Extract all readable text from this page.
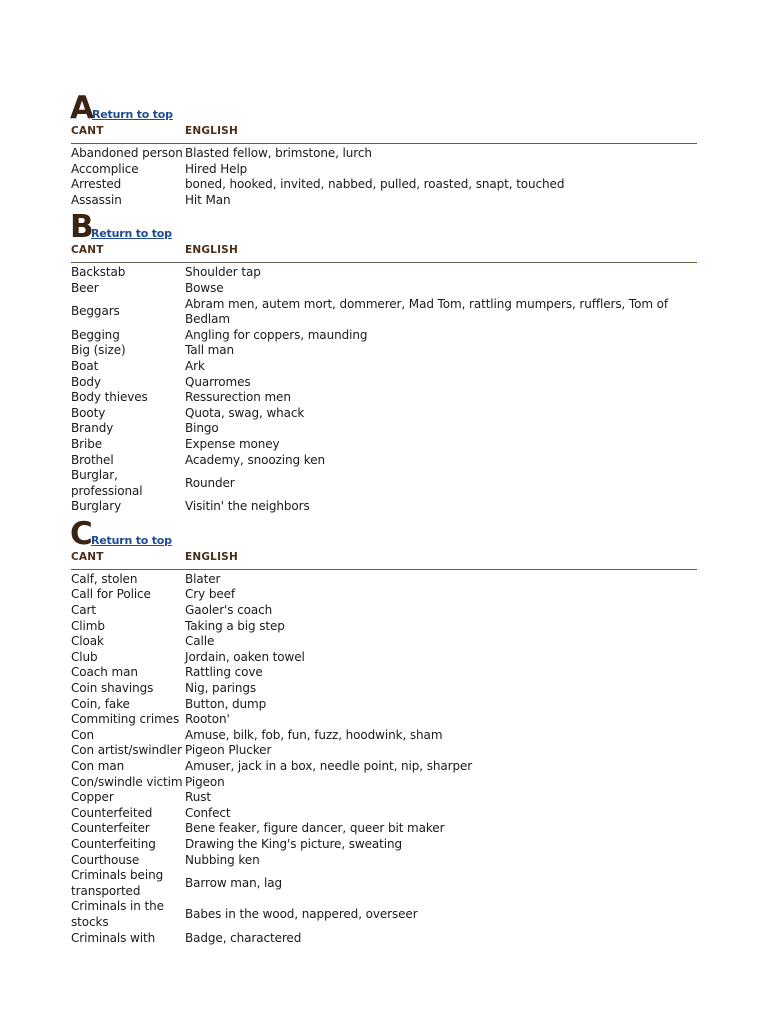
A
Return to top
CANT	ENGLISH
Abandoned person	Blasted fellow, brimstone, lurch
Accomplice	Hired Help
Arrested	boned, hooked, invited, nabbed, pulled, roasted, snapt, touched
Assassin	Hit Man
B
Return to top
CANT	ENGLISH
Backstab	Shoulder tap
Beer	Bowse
Beggars	Abram men, autem mort, dommerer, Mad Tom, rattling mumpers, rufflers, Tom of Bedlam
Begging	Angling for coppers, maunding
Big (size)	Tall man
Boat	Ark
Body	Quarromes
Body thieves	Ressurection men
Booty	Quota, swag, whack
Brandy	Bingo
Bribe	Expense money
Brothel	Academy, snoozing ken
Burglar, professional	Rounder
Burglary	Visitin' the neighbors
C
Return to top
CANT	ENGLISH
Calf, stolen	Blater
Call for Police	Cry beef
Cart	Gaoler's coach
Climb	Taking a big step
Cloak	Calle
Club	Jordain, oaken towel
Coach man	Rattling cove
Coin shavings	Nig, parings
Coin, fake	Button, dump
Commiting crimes	Rooton'
Con	Amuse, bilk, fob, fun, fuzz, hoodwink, sham
Con artist/swindler	Pigeon Plucker
Con man	Amuser, jack in a box, needle point, nip, sharper
Con/swindle victim	Pigeon
Copper	Rust
Counterfeited	Confect
Counterfeiter	Bene feaker, figure dancer, queer bit maker
Counterfeiting	Drawing the King's picture, sweating
Courthouse	Nubbing ken
Criminals being transported	Barrow man, lag
Criminals in the stocks	Babes in the wood, nappered, overseer
Criminals with	Badge, charactered
